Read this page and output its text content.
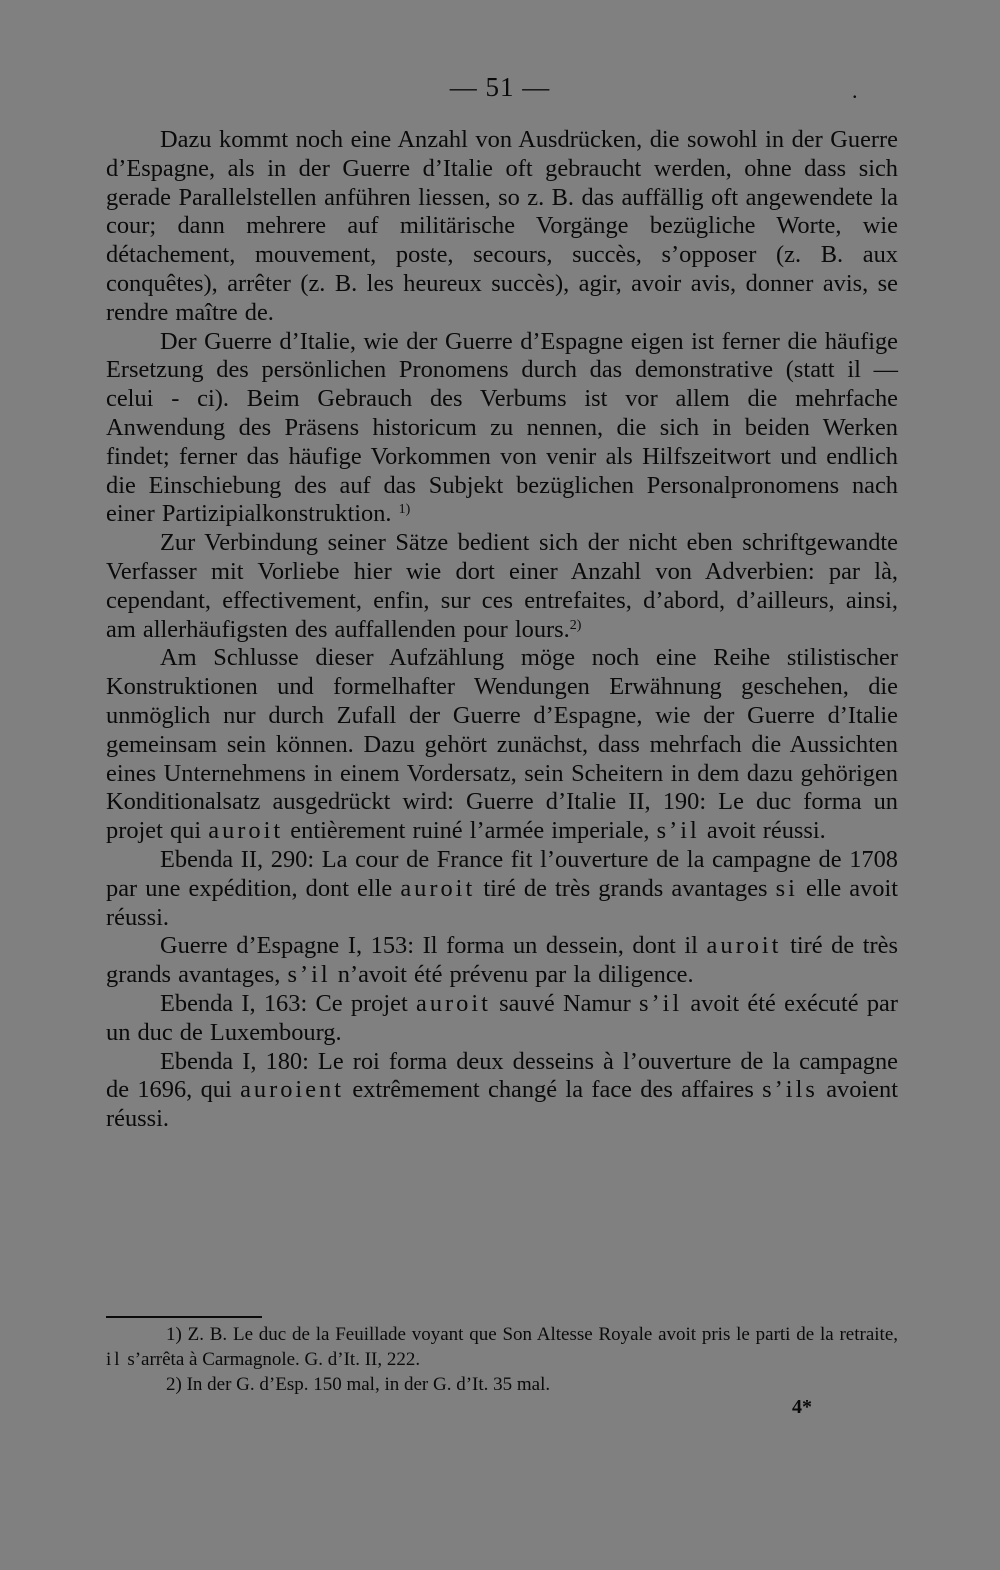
— 51 —	.

Dazu kommt noch eine Anzahl von Ausdrücken, die sowohl in der Guerre d’Espagne, als in der Guerre d’Italie oft gebraucht werden, ohne dass sich gerade Parallelstellen anführen liessen, so z. B. das auffällig oft angewendete la cour; dann mehrere auf militärische Vorgänge bezügliche Worte, wie détachement, mouvement, poste, secours, succès, s’opposer (z. B. aux conquêtes), arrêter (z. B. les heureux succès), agir, avoir avis, donner avis, se rendre maître de.

Der Guerre d’Italie, wie der Guerre d’Espagne eigen ist ferner die häufige Ersetzung des persönlichen Pronomens durch das demonstrative (statt il — celui - ci). Beim Gebrauch des Verbums ist vor allem die mehrfache Anwendung des Präsens historicum zu nennen, die sich in beiden Werken findet; ferner das häufige Vorkommen von venir als Hilfszeitwort und endlich die Einschiebung des auf das Subjekt bezüglichen Personalpronomens nach einer Partizipialkonstruktion. $^{1)}$

Zur Verbindung seiner Sätze bedient sich der nicht eben schriftgewandte Verfasser mit Vorliebe hier wie dort einer Anzahl von Adverbien: par là, cependant, effectivement, enfin, sur ces entrefaites, d’abord, d’ailleurs, ainsi, am allerhäufigsten des auffallenden pour lours.$^{2)}$

Am Schlusse dieser Aufzählung möge noch eine Reihe stilistischer Konstruktionen und formelhafter Wendungen Erwähnung geschehen, die unmöglich nur durch Zufall der Guerre d’Espagne, wie der Guerre d’Italie gemeinsam sein können. Dazu gehört zunächst, dass mehrfach die Aussichten eines Unternehmens in einem Vordersatz, sein Scheitern in dem dazu gehörigen Konditionalsatz ausgedrückt wird: Guerre d’Italie II, 190: Le duc forma un projet qui auroit entièrement ruiné l’armée imperiale, s’il avoit réussi.

Ebenda II, 290: La cour de France fit l’ouverture de la campagne de 1708 par une expédition, dont elle auroit tiré de très grands avantages si elle avoit réussi.

Guerre d’Espagne I, 153: Il forma un dessein, dont il auroit tiré de très grands avantages, s’il n’avoit été prévenu par la diligence.

Ebenda I, 163: Ce projet auroit sauvé Namur s’il avoit été exécuté par un duc de Luxembourg.

Ebenda I, 180: Le roi forma deux desseins à l’ouverture de la campagne de 1696, qui auroient extrêmement changé la face des affaires s’ils avoient réussi.

1) Z. B. Le duc de la Feuillade voyant que Son Altesse Royale avoit pris le parti de la retraite, il s’arrêta à Carmagnole. G. d’It. II, 222.

2) In der G. d’Esp. 150 mal, in der G. d’It. 35 mal.

4*
